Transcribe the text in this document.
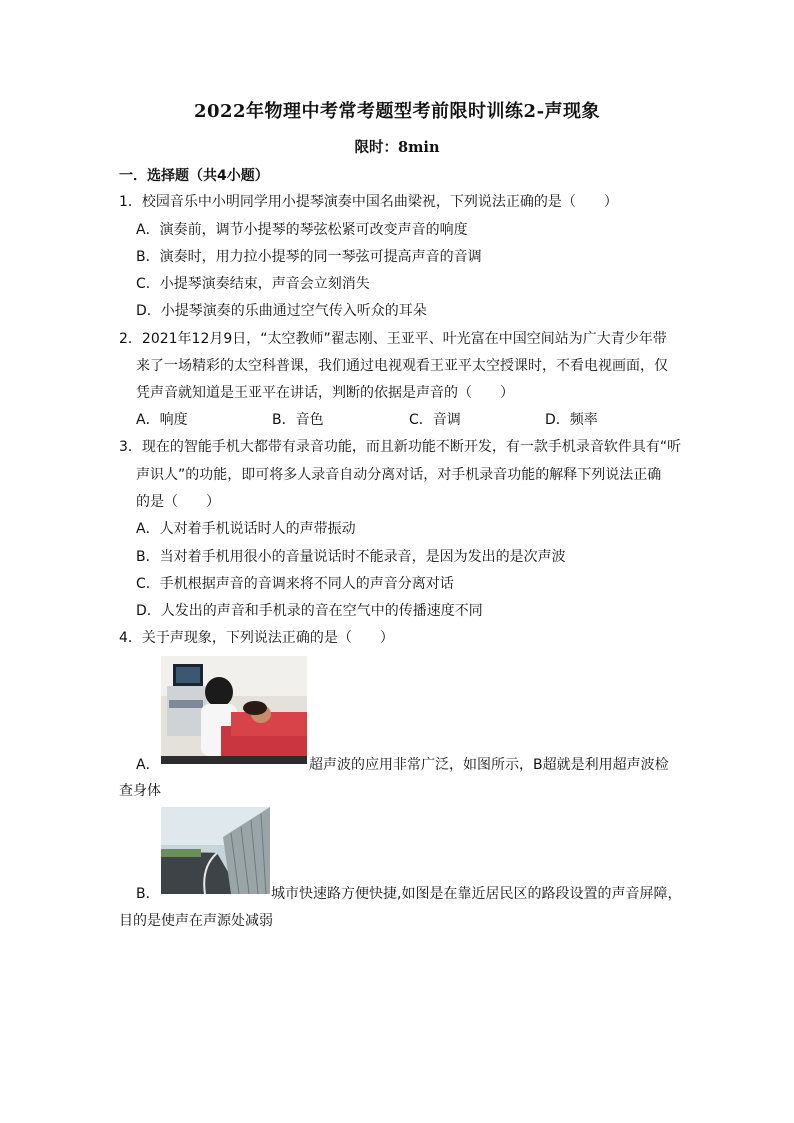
2022年物理中考常考题型考前限时训练2-声现象
限时：8min
一．选择题（共4小题）
1．校园音乐中小明同学用小提琴演奏中国名曲梁祝，下列说法正确的是（　　）
A．演奏前，调节小提琴的琴弦松紧可改变声音的响度
B．演奏时，用力拉小提琴的同一琴弦可提高声音的音调
C．小提琴演奏结束，声音会立刻消失
D．小提琴演奏的乐曲通过空气传入听众的耳朵
2．2021年12月9日，“太空教师”翟志刚、王亚平、叶光富在中国空间站为广大青少年带
来了一场精彩的太空科普课，我们通过电视观看王亚平太空授课时，不看电视画面，仅
凭声音就知道是王亚平在讲话，判断的依据是声音的（　　）
A．响度	B．音色	C．音调	D．频率
3．现在的智能手机大都带有录音功能，而且新功能不断开发，有一款手机录音软件具有“听
声识人”的功能，即可将多人录音自动分离对话，对手机录音功能的解释下列说法正确
的是（　　）
A．人对着手机说话时人的声带振动
B．当对着手机用很小的音量说话时不能录音，是因为发出的是次声波
C．手机根据声音的音调来将不同人的声音分离对话
D．人发出的声音和手机录的音在空气中的传播速度不同
4．关于声现象，下列说法正确的是（　　）
A．	超声波的应用非常广泛，如图所示，B超就是利用超声波检
查身体
B．	城市快速路方便快捷,如图是在靠近居民区的路段设置的声音屏障，
目的是使声在声源处减弱
